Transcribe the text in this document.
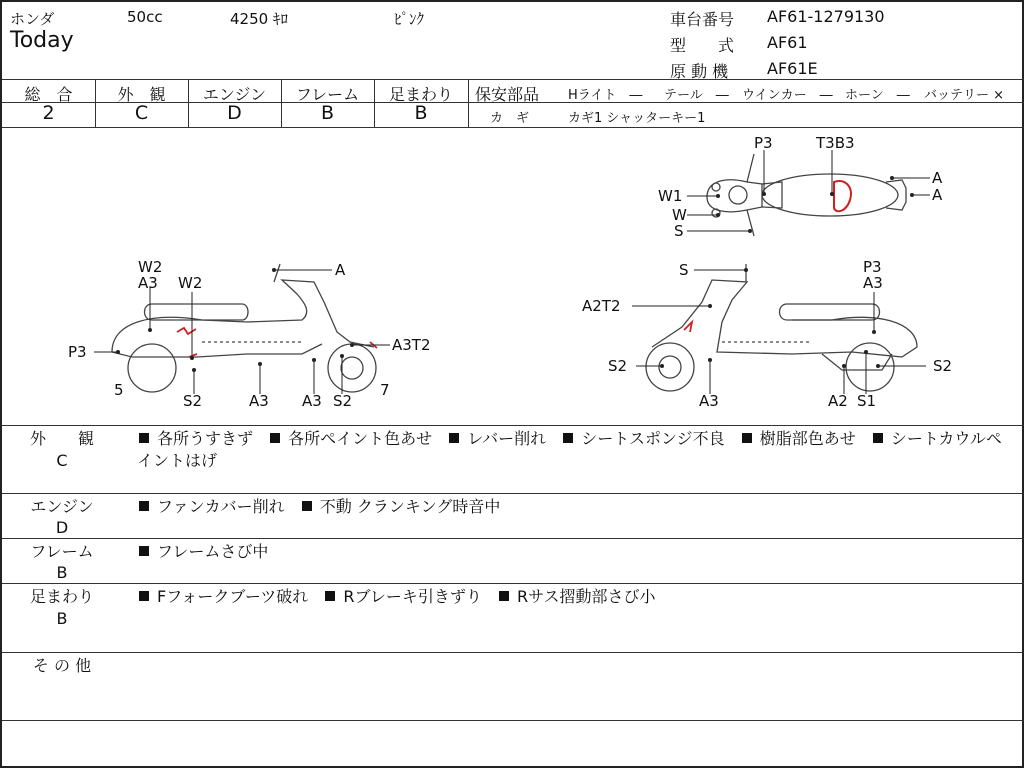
ホンダ	50cc	4250 ｷﾛ	ﾋﾟﾝｸ
Today
車台番号 AF61-1279130
型　　式 AF61
原 動 機 AF61E
総　合	外　観	エンジン	フレーム	足まわり
2	C	D	B	B
保安部品 Hライト　― テール　― ウインカー　― ホーン　― バッテリー ×
カ　ギ	カギ1 シャッターキー1
P3	T3B3
A
A
W1
W
S
W2
A3 W2
A
P3	A3T2
5
S2	A3 A3 S2
7
S	P3
A3
A2T2
S2	S2
A3	A2 S1
外　　観
C
各所うすきず 各所ペイント色あせ レバー削れ シートスポンジ不良 樹脂部色あせ シートカウルペイントはげ
エンジン
D
ファンカバー削れ 不動 クランキング時音中
フレーム
B
フレームさび中
足まわり
B
Fフォークブーツ破れ Rブレーキ引きずり Rサス摺動部さび小
そ の 他
